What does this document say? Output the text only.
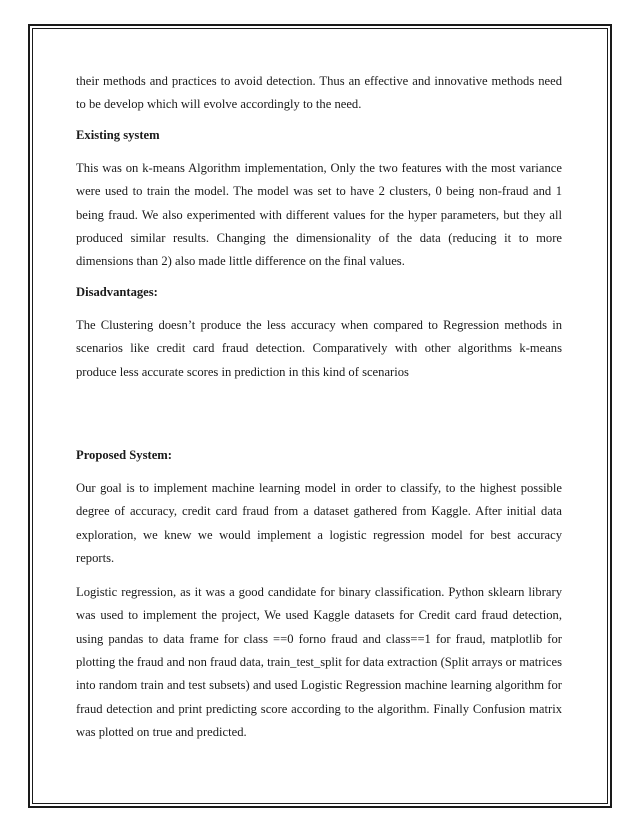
their methods and practices to avoid detection. Thus an effective and innovative methods need to be develop which will evolve accordingly to the need.

Existing system

This was on k-means Algorithm implementation, Only the two features with the most variance were used to train the model. The model was set to have 2 clusters, 0 being non-fraud and 1 being fraud. We also experimented with different values for the hyper parameters, but they all produced similar results. Changing the dimensionality of the data (reducing it to more dimensions than 2) also made little difference on the final values.

Disadvantages:

The Clustering doesn’t produce the less accuracy when compared to Regression methods in scenarios like credit card fraud detection. Comparatively with other algorithms k-means produce less accurate scores in prediction in this kind of scenarios

Proposed System:

Our goal is to implement machine learning model in order to classify, to the highest possible degree of accuracy, credit card fraud from a dataset gathered from Kaggle. After initial data exploration, we knew we would implement a logistic regression model for best accuracy reports.

Logistic regression, as it was a good candidate for binary classification. Python sklearn library was used to implement the project, We used Kaggle datasets for Credit card fraud detection, using pandas to data frame for class ==0 forno fraud and class==1 for fraud, matplotlib for plotting the fraud and non fraud data, train_test_split for data extraction (Split arrays or matrices into random train and test subsets) and used Logistic Regression machine learning algorithm for fraud detection and print predicting score according to the algorithm. Finally Confusion matrix was plotted on true and predicted.
